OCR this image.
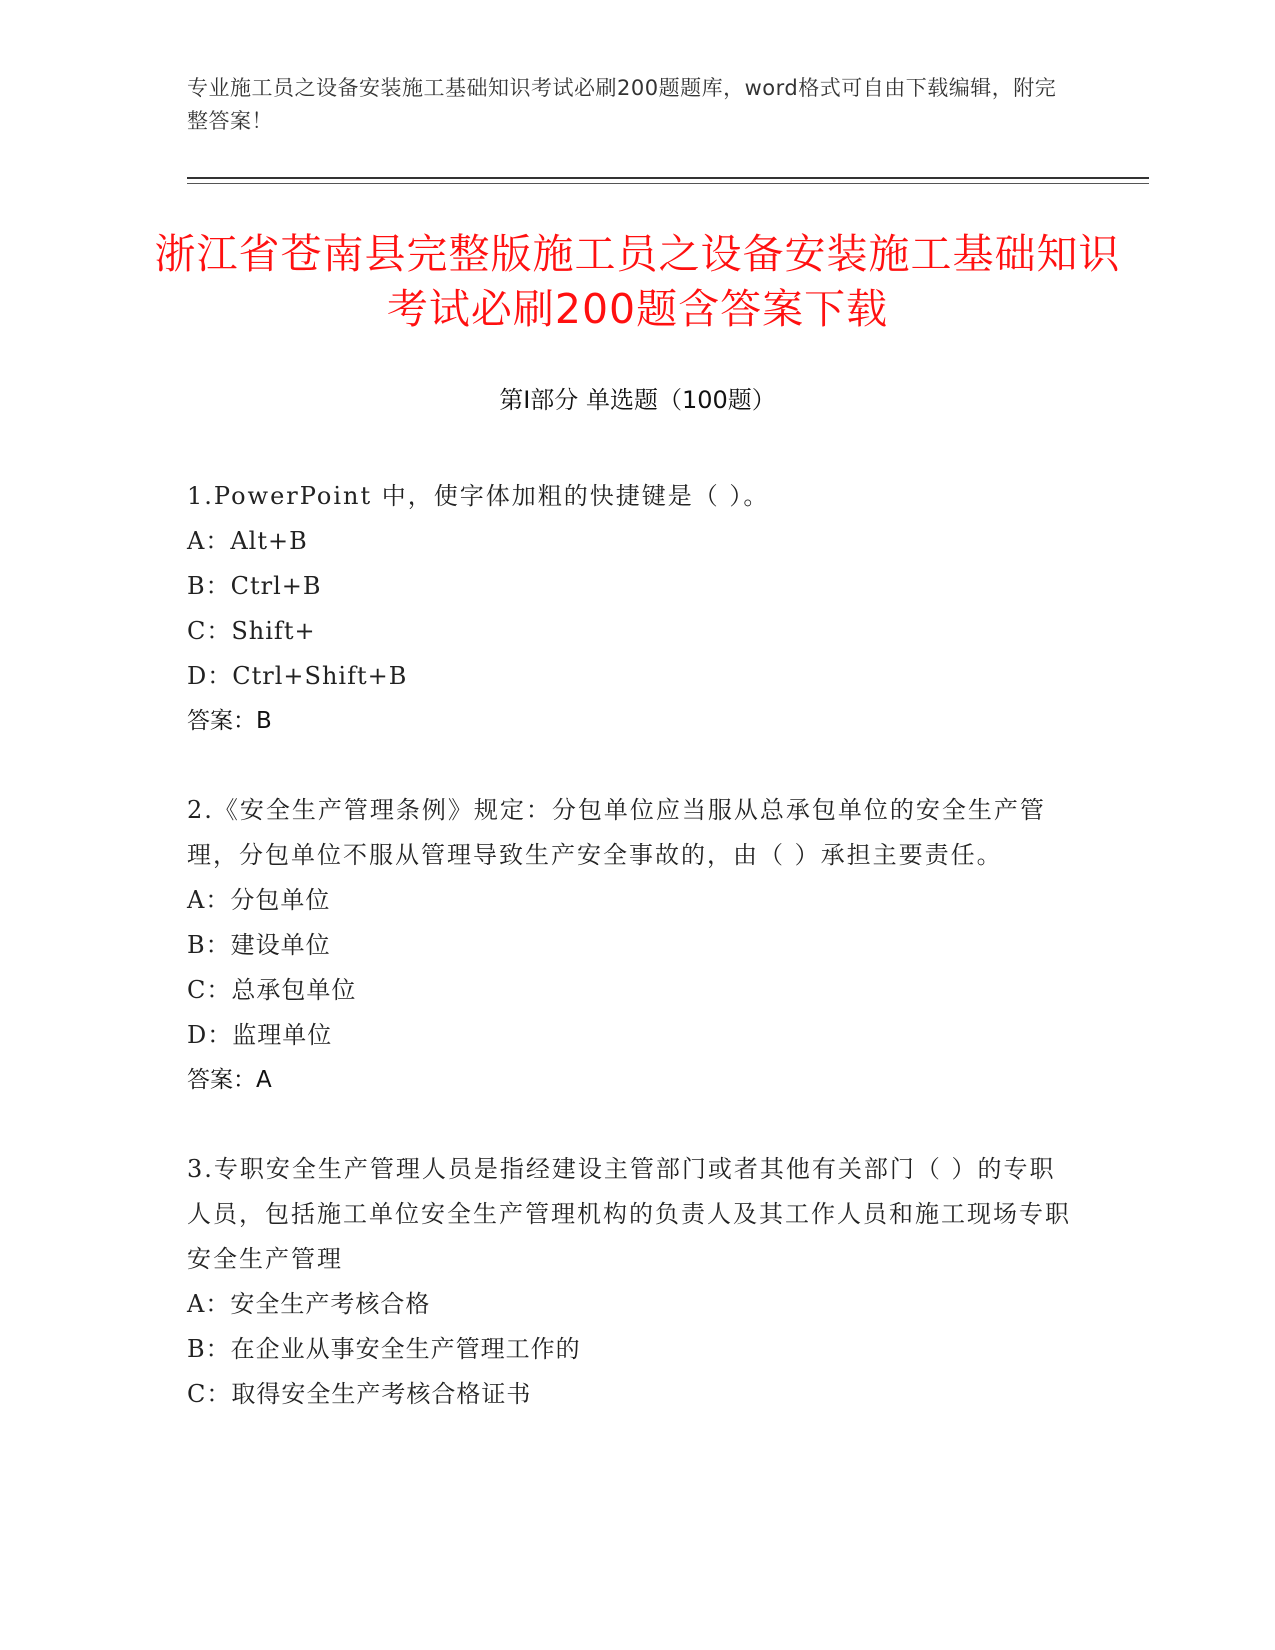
专业施工员之设备安装施工基础知识考试必刷200题题库，word格式可自由下载编辑，附完整答案！
浙江省苍南县完整版施工员之设备安装施工基础知识考试必刷200题含答案下载
第Ⅰ部分 单选题（100题）
1.PowerPoint 中，使字体加粗的快捷键是（ ）。
A：Alt+B
B：Ctrl+B
C：Shift+
D：Ctrl+Shift+B
答案：B
2.《安全生产管理条例》规定：分包单位应当服从总承包单位的安全生产管理，分包单位不服从管理导致生产安全事故的，由（ ）承担主要责任。
A：分包单位
B：建设单位
C：总承包单位
D：监理单位
答案：A
3.专职安全生产管理人员是指经建设主管部门或者其他有关部门（ ）的专职人员，包括施工单位安全生产管理机构的负责人及其工作人员和施工现场专职安全生产管理
A：安全生产考核合格
B：在企业从事安全生产管理工作的
C：取得安全生产考核合格证书
